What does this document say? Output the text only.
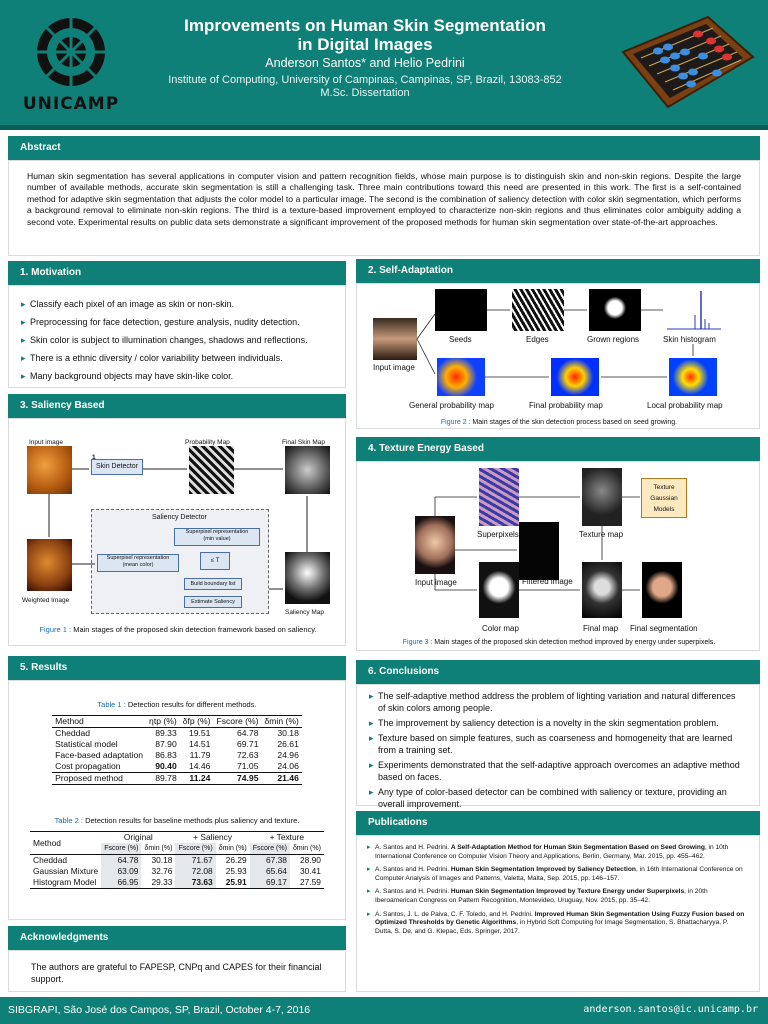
UNICAMP
Improvements on Human Skin Segmentation
in Digital Images
Anderson Santos* and Helio Pedrini
Institute of Computing, University of Campinas, Campinas, SP, Brazil, 13083-852
M.Sc. Dissertation
Abstract
Human skin segmentation has several applications in computer vision and pattern recognition fields, whose main purpose is to distinguish skin and non-skin regions. Despite the large number of available methods, accurate skin segmentation is still a challenging task. Three main contributions toward this need are presented in this work. The first is a self-contained method for adaptive skin segmentation that adjusts the color model to a particular image. The second is the combination of saliency detection with color skin segmentation, which performs a background removal to eliminate non-skin regions. The third is a texture-based improvement employed to characterize non-skin regions and thus eliminates color ambiguity adding a second vote. Experimental results on public data sets demonstrate a significant improvement of the proposed methods for human skin segmentation over state-of-the-art approaches.
1. Motivation
▸ Classify each pixel of an image as skin or non-skin.
▸ Preprocessing for face detection, gesture analysis, nudity detection.
▸ Skin color is subject to illumination changes, shadows and reflections.
▸ There is a ethnic diversity / color variability between individuals.
▸ Many background objects may have skin-like color.
3. Saliency Based
Input image	Probability Map	Final Skin Map
Skin Detector
1
Saliency Detector
Superpixel representation
(min value)
Superpixel representation
(mean color)
≤ T
Build boundary list
Estimate Saliency
Weighted Image
Saliency Map
Figure 1 : Main stages of the proposed skin detection framework based on saliency.
5. Results
Table 1 : Detection results for different methods.
Method	ηtp (%)	δfp (%)	Fscore (%)	δmin (%)
Cheddad	89.33	19.51	64.78	30.18
Statistical model	87.90	14.51	69.71	26.61
Face-based adaptation	86.83	11.79	72.63	24.96
Cost propagation	90.40	14.46	71.05	24.06
Proposed method	89.78	11.24	74.95	21.46
Table 2 : Detection results for baseline methods plus saliency and texture.
Method	Original		+ Saliency		+ Texture	
	Fscore (%)	δmin (%)	Fscore (%)	δmin (%)	Fscore (%)	δmin (%)
Cheddad	64.78	30.18	71.67	26.29	67.38	28.90
Gaussian Mixture	63.09	32.76	72.08	25.93	65.64	30.41
Histogram Model	66.95	29.33	73.63	25.91	69.17	27.59
Acknowledgments
The authors are grateful to FAPESP, CNPq and CAPES for their financial support.
2. Self-Adaptation
Input image
Seeds	Edges	Grown regions	Skin histogram
General probability map	Final probability map	Local probability map
Figure 2 : Main stages of the skin detection process based on seed growing.
4. Texture Energy Based
Input image
Superpixels
Filtered image
Texture map
Texture
Gaussian
Models
Color map	Final map Final segmentation
Figure 3 : Main stages of the proposed skin detection method improved by energy under superpixels.
6. Conclusions
▸ The self-adaptive method address the problem of lighting variation and natural differences of skin colors among people.
▸ The improvement by saliency detection is a novelty in the skin segmentation problem.
▸ Texture based on simple features, such as coarseness and homogeneity that are learned from a training set.
▸ Experiments demonstrated that the self-adaptive approach overcomes an adaptive method based on faces.
▸ Any type of color-based detector can be combined with saliency or texture, providing an overall improvement.
Publications
▸ A. Santos and H. Pedrini. A Self-Adaptation Method for Human Skin Segmentation Based on Seed Growing, in 10th International Conference on Computer Vision Theory and Applications, Berlin, Germany, Mar. 2015, pp. 455–462.
▸ A. Santos and H. Pedrini. Human Skin Segmentation Improved by Saliency Detection, in 16th International Conference on Computer Analysis of Images and Patterns, Valetta, Malta, Sep. 2015, pp. 146–157.
▸ A. Santos and H. Pedrini. Human Skin Segmentation Improved by Texture Energy under Superpixels, in 20th Iberoamerican Congress on Pattern Recognition, Montevideo, Uruguay, Nov. 2015, pp. 35–42.
▸ A. Santos, J. L. de Paiva, C. F. Toledo, and H. Pedrini. Improved Human Skin Segmentation Using Fuzzy Fusion based on Optimized Thresholds by Genetic Algorithms, in Hybrid Soft Computing for Image Segmentation, S. Bhattacharyya, P. Dutta, S. De, and G. Klepac, Eds. Springer, 2017.
SIBGRAPI, São José dos Campos, SP, Brazil, October 4-7, 2016	anderson.santos@ic.unicamp.br
